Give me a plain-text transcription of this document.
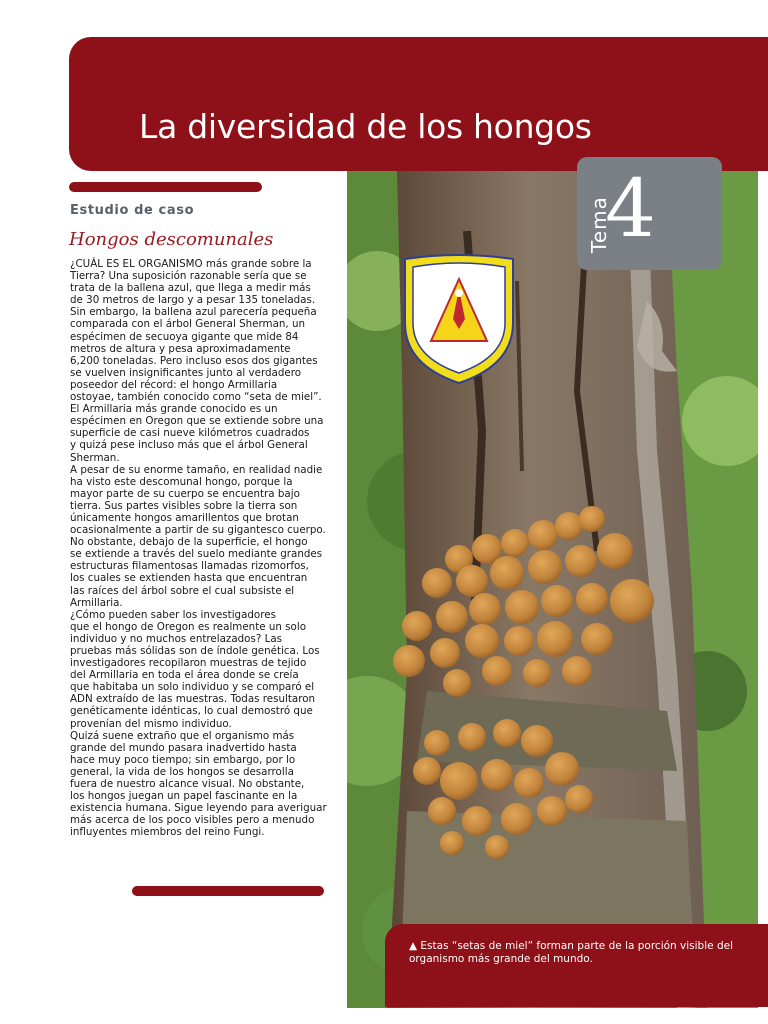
La diversidad de los hongos
Estudio de caso
Hongos descomunales
¿CUÁL ES EL ORGANISMO más grande sobre la
Tierra? Una suposición razonable sería que se
trata de la ballena azul, que llega a medir más
de 30 metros de largo y a pesar 135 toneladas.
Sin embargo, la ballena azul parecería pequeña
comparada con el árbol General Sherman, un
espécimen de secuoya gigante que mide 84
metros de altura y pesa aproximadamente
6,200 toneladas. Pero incluso esos dos gigantes
se vuelven insignificantes junto al verdadero
poseedor del récord: el hongo Armillaria
ostoyae, también conocido como “seta de miel”.
El Armillaria más grande conocido es un
espécimen en Oregon que se extiende sobre una
superficie de casi nueve kilómetros cuadrados
y quizá pese incluso más que el árbol General
Sherman.
A pesar de su enorme tamaño, en realidad nadie
ha visto este descomunal hongo, porque la
mayor parte de su cuerpo se encuentra bajo
tierra. Sus partes visibles sobre la tierra son
únicamente hongos amarillentos que brotan
ocasionalmente a partir de su gigantesco cuerpo.
No obstante, debajo de la superficie, el hongo
se extiende a través del suelo mediante grandes
estructuras filamentosas llamadas rizomorfos,
los cuales se extienden hasta que encuentran
las raíces del árbol sobre el cual subsiste el
Armillaria.
¿Cómo pueden saber los investigadores
que el hongo de Oregon es realmente un solo
individuo y no muchos entrelazados? Las
pruebas más sólidas son de índole genética. Los
investigadores recopilaron muestras de tejido
del Armillaria en toda el área donde se creía
que habitaba un solo individuo y se comparó el
ADN extraído de las muestras. Todas resultaron
genéticamente idénticas, lo cual demostró que
provenían del mismo individuo.
Quizá suene extraño que el organismo más
grande del mundo pasara inadvertido hasta
hace muy poco tiempo; sin embargo, por lo
general, la vida de los hongos se desarrolla
fuera de nuestro alcance visual. No obstante,
los hongos juegan un papel fascinante en la
existencia humana. Sigue leyendo para averiguar
más acerca de los poco visibles pero a menudo
influyentes miembros del reino Fungi.
Tema
4
▲ Estas “setas de miel” forman parte de la porción visible del
organismo más grande del mundo.
